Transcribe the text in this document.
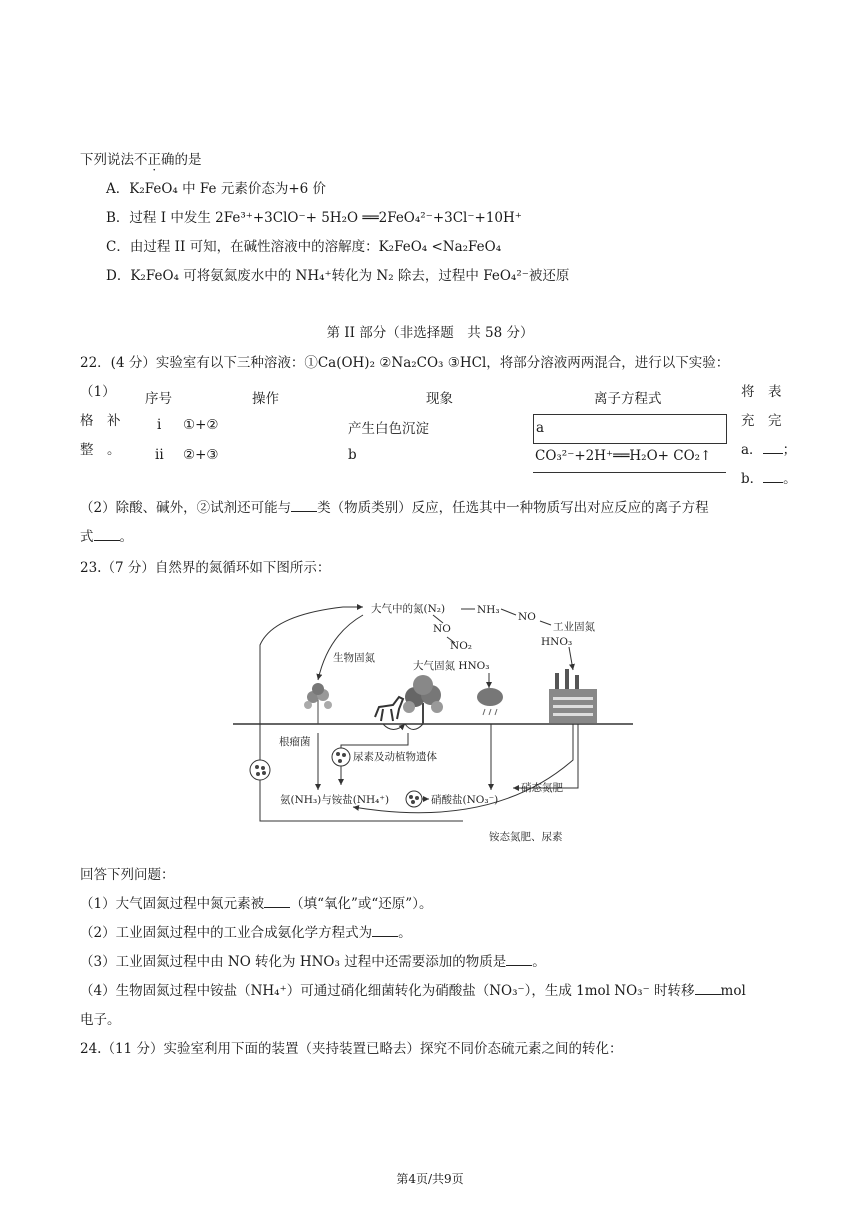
下列说法不正确的是
A．K₂FeO₄ 中 Fe 元素价态为+6 价
B．过程 I 中发生 2Fe³⁺+3ClO⁻+ 5H₂O ══2FeO₄²⁻+3Cl⁻+10H⁺
C．由过程 II 可知，在碱性溶液中的溶解度：K₂FeO₄ <Na₂FeO₄
D．K₂FeO₄ 可将氨氮废水中的 NH₄⁺转化为 N₂ 除去，过程中 FeO₄²⁻被还原
第 II 部分（非选择题　共 58 分）
22．(4 分）实验室有以下三种溶液：①Ca(OH)₂ ②Na₂CO₃ ③HCl，将部分溶液两两混合，进行以下实验：
（1）
格　补
整　。
序号	操作	现象	离子方程式
i ①+②	产生白色沉淀	a
ii ②+③	b	CO₃²⁻+2H⁺══H₂O+ CO₂↑
将　表
充　完
a． ；
b． 。
（2）除酸、碱外，②试剂还可能与 类（物质类别）反应，任选其中一种物质写出对应反应的离子方程
式 。
23.（7 分）自然界的氮循环如下图所示：
大气中的氮(N₂)	NH₃
NO
NO₂
NO
工业固氮
HNO₃
生物固氮
大气固氮 HNO₃
根瘤菌
尿素及动植物遗体
氨(NH₃)与铵盐(NH₄⁺)	硝酸盐(NO₃⁻)
硝态氮肥
铵态氮肥、尿素
回答下列问题：
（1）大气固氮过程中氮元素被 （填“氧化”或“还原”）。
（2）工业固氮过程中的工业合成氨化学方程式为 。
（3）工业固氮过程中由 NO 转化为 HNO₃ 过程中还需要添加的物质是 。
（4）生物固氮过程中铵盐（NH₄⁺）可通过硝化细菌转化为硝酸盐（NO₃⁻），生成 1mol NO₃⁻ 时转移 mol
电子。
24.（11 分）实验室利用下面的装置（夹持装置已略去）探究不同价态硫元素之间的转化：
第4页/共9页
